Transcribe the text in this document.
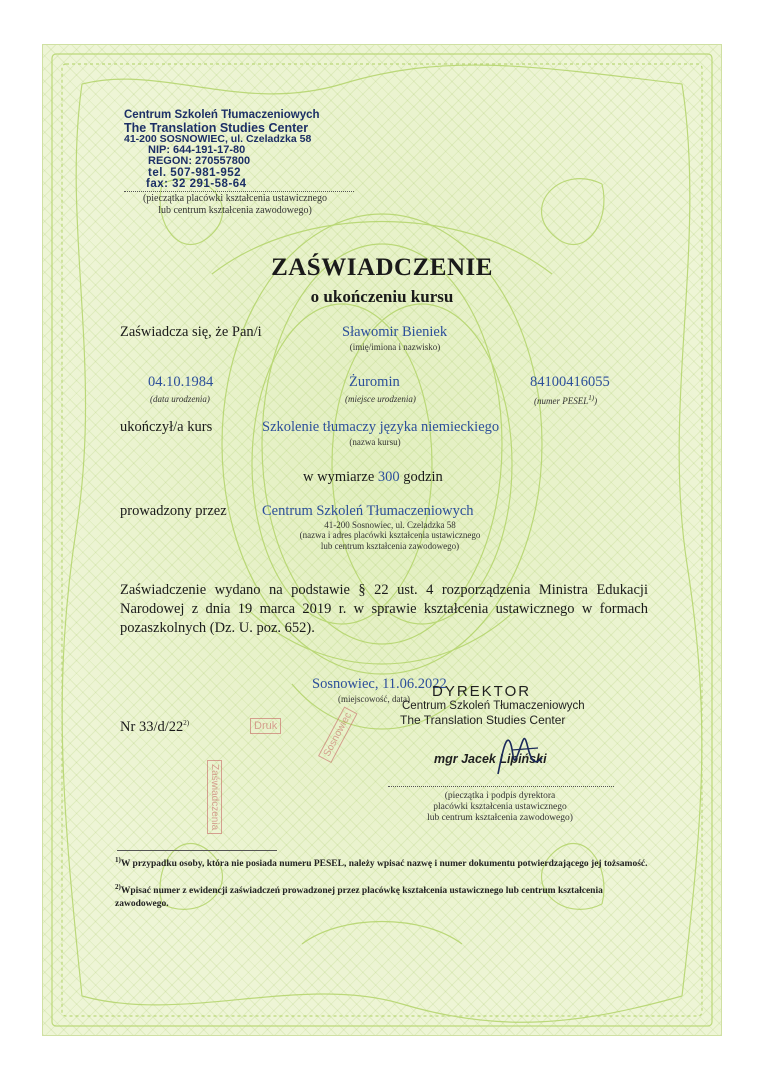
Centrum Szkoleń Tłumaczeniowych
The Translation Studies Center
41-200 SOSNOWIEC, ul. Czeladzka 58
NIP: 644-191-17-80
REGON: 270557800
tel. 507-981-952
fax: 32 291-58-64
(pieczątka placówki kształcenia ustawicznego
lub centrum kształcenia zawodowego)
ZAŚWIADCZENIE
o ukończeniu kursu
Zaświadcza się, że Pan/i	Sławomir Bieniek
(imię/imiona i nazwisko)
04.10.1984
(data urodzenia)
Żuromin
(miejsce urodzenia)
84100416055
(numer PESEL$^{1)}$)
ukończył/a kurs	Szkolenie tłumaczy języka niemieckiego
(nazwa kursu)
w wymiarze 300 godzin
prowadzony przez Centrum Szkoleń Tłumaczeniowych
41-200 Sosnowiec, ul. Czeladzka 58
(nazwa i adres placówki kształcenia ustawicznego
lub centrum kształcenia zawodowego)
Zaświadczenie wydano na podstawie § 22 ust. 4 rozporządzenia Ministra Edukacji Narodowej z dnia 19 marca 2019 r. w sprawie kształcenia ustawicznego w formach pozaszkolnych (Dz. U. poz. 652).
Sosnowiec, 11.06.2022
(miejscowość, data) DYREKTOR
Centrum Szkoleń Tłumaczeniowych
The Translation Studies Center
mgr Jacek Lipiński
(pieczątka i podpis dyrektora
placówki kształcenia ustawicznego
lub centrum kształcenia zawodowego)
Nr 33/d/22$^{2)}$	Druk
Zaświadczenia
Sosnowiec
$^{1)}$W przypadku osoby, która nie posiada numeru PESEL, należy wpisać nazwę i numer dokumentu potwierdzającego jej tożsamość.
$^{2)}$Wpisać numer z ewidencji zaświadczeń prowadzonej przez placówkę kształcenia ustawicznego lub centrum kształcenia zawodowego.
